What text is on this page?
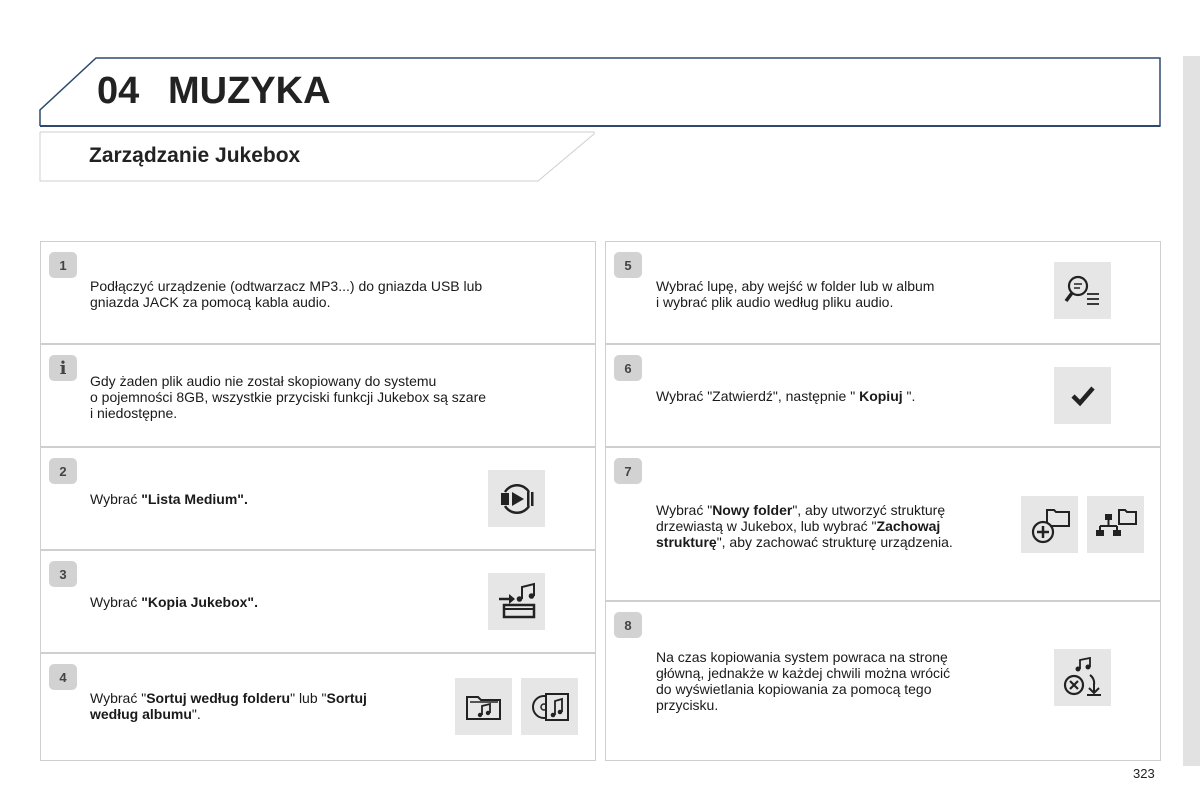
04 MUZYKA
Zarządzanie Jukebox
1
Podłączyć urządzenie (odtwarzacz MP3...) do gniazda USB lub
gniazda JACK za pomocą kabla audio.
i
Gdy żaden plik audio nie został skopiowany do systemu
o pojemności 8GB, wszystkie przyciski funkcji Jukebox są szare
i niedostępne.
2
Wybrać "Lista Medium".
3
Wybrać "Kopia Jukebox".
4
Wybrać "Sortuj według folderu" lub "Sortuj
według albumu".
5
Wybrać lupę, aby wejść w folder lub w album
i wybrać plik audio według pliku audio.
6
Wybrać "Zatwierdź", następnie " Kopiuj ".
7
Wybrać "Nowy folder", aby utworzyć strukturę
drzewiastą w Jukebox, lub wybrać "Zachowaj
strukturę", aby zachować strukturę urządzenia.
8
Na czas kopiowania system powraca na stronę
główną, jednakże w każdej chwili można wrócić
do wyświetlania kopiowania za pomocą tego
przycisku.
323
